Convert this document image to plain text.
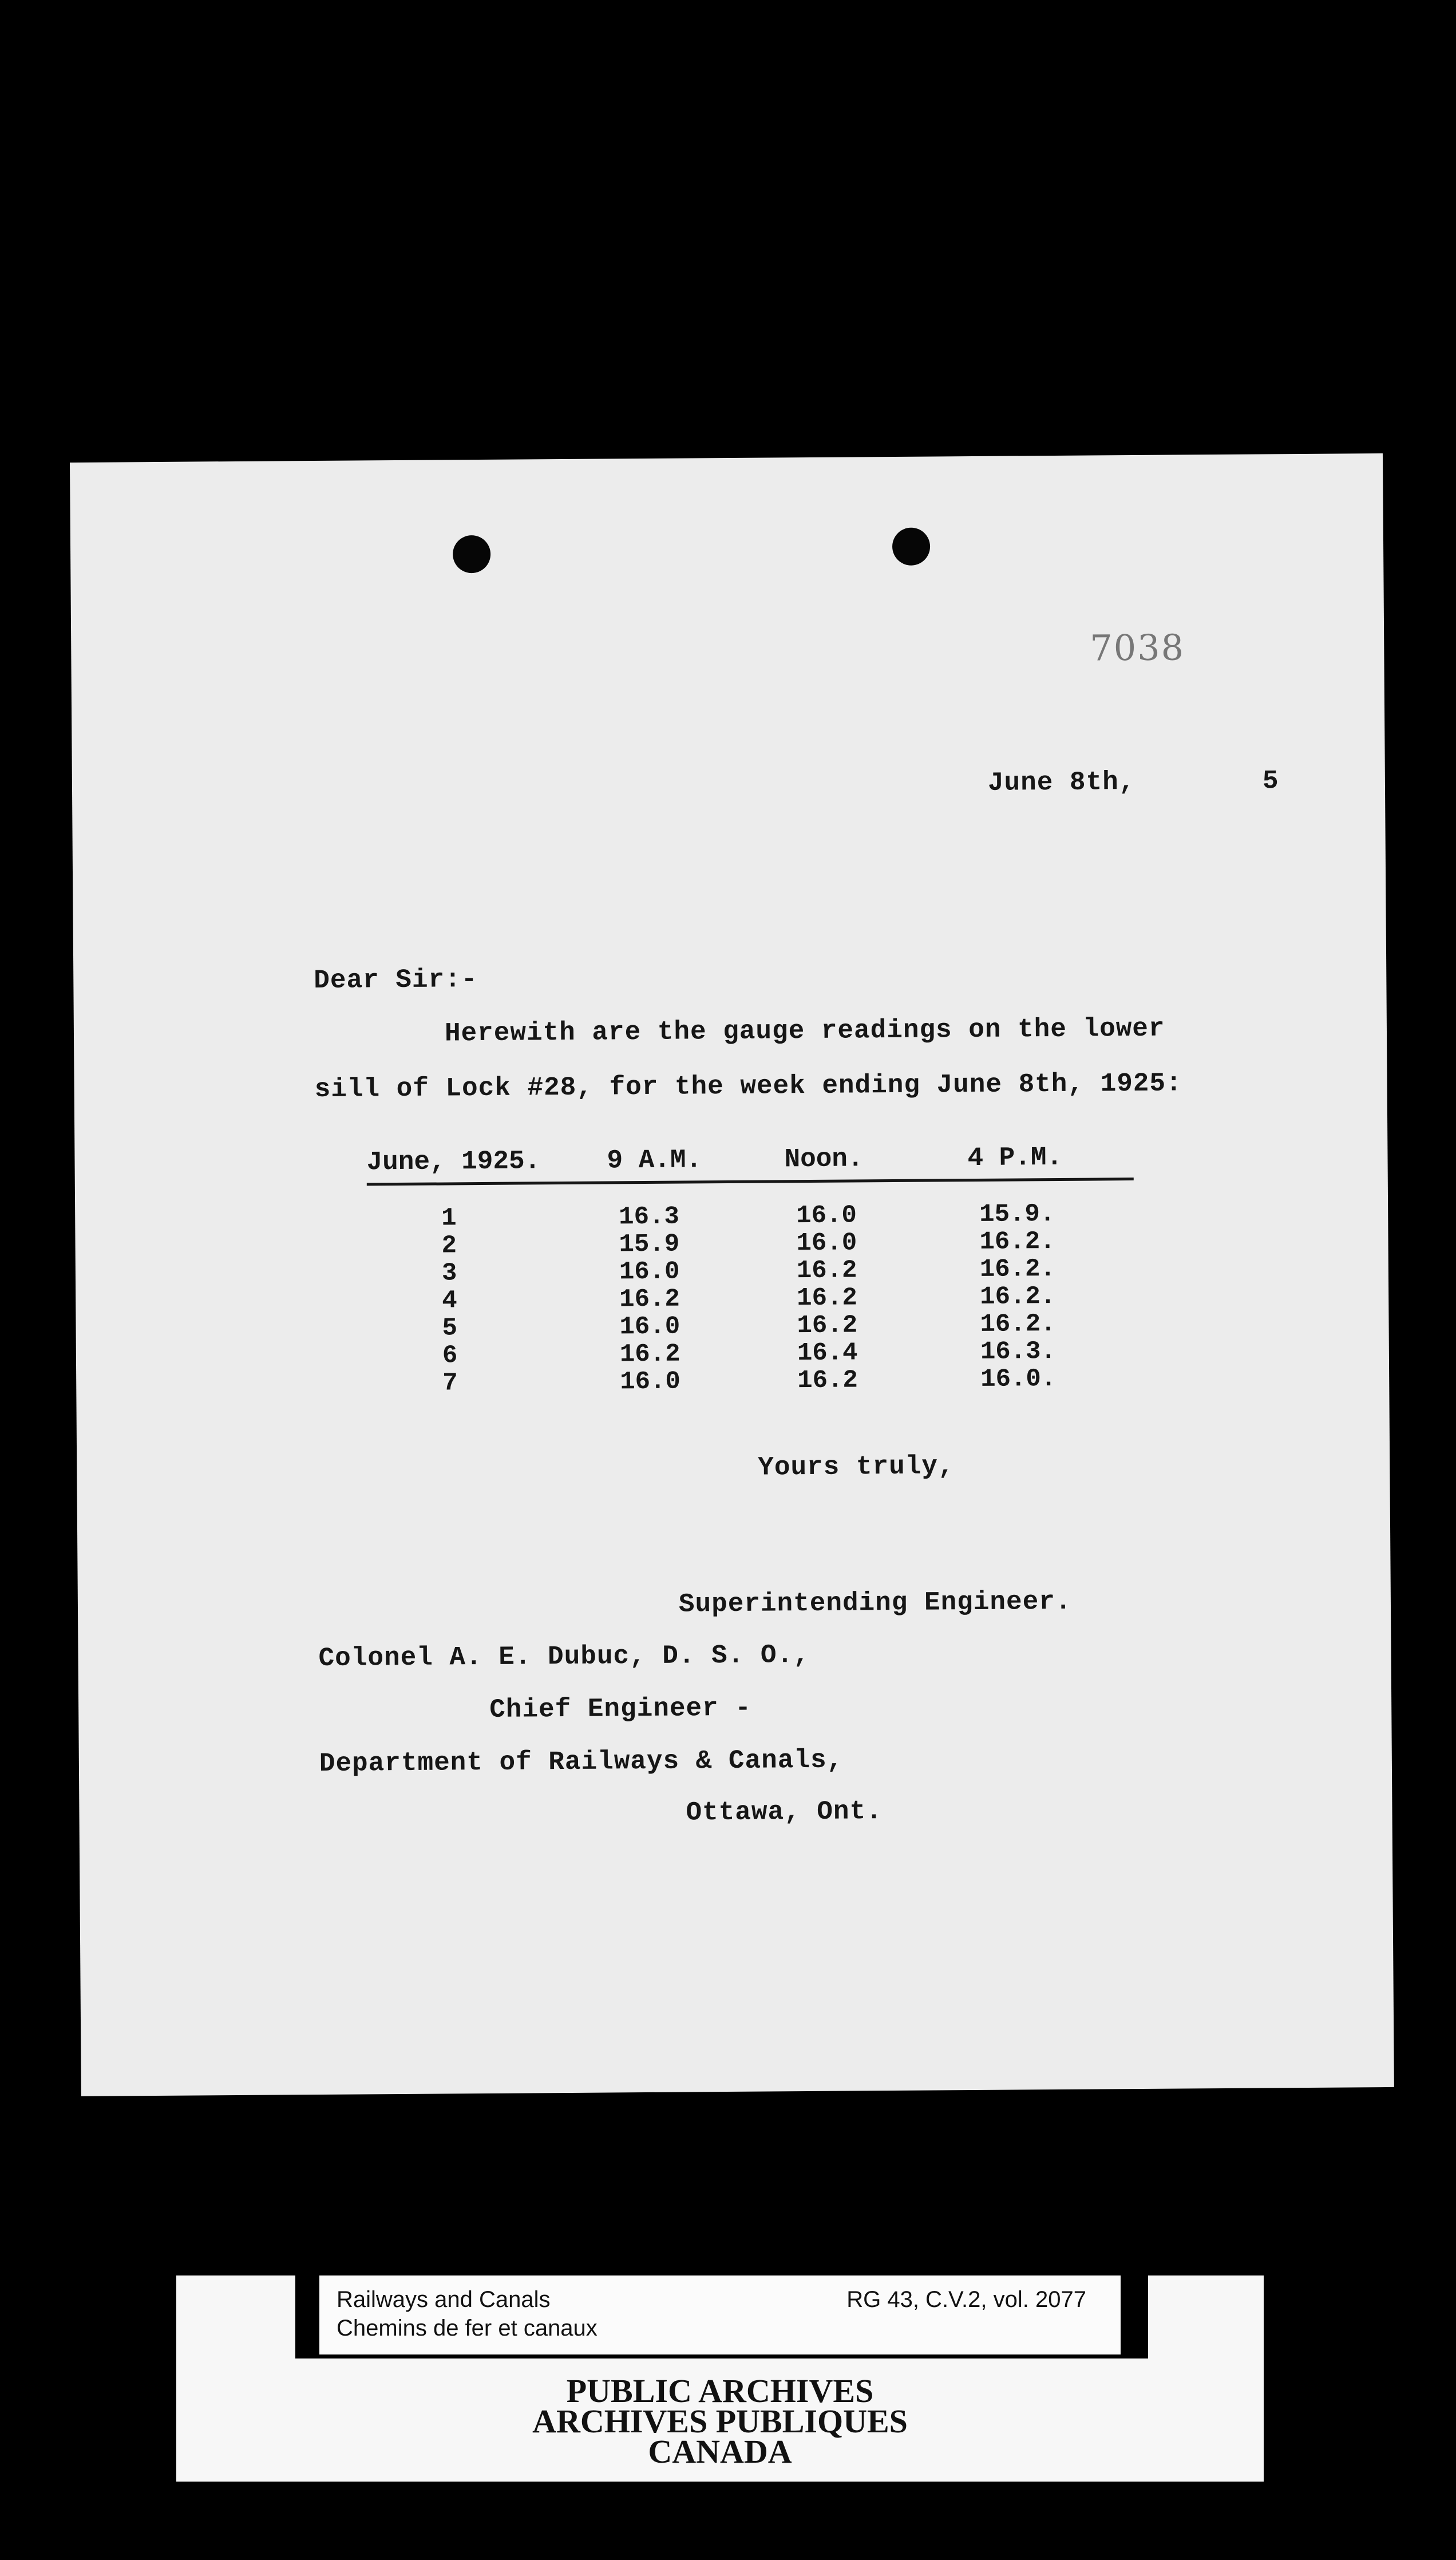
7038
June 8th,	5
Dear Sir:-
Herewith are the gauge readings on the lower
sill of Lock #28, for the week ending June 8th, 1925:
June, 1925.	9 A.M.	Noon.	4 P.M.
1	16.3	16.0	15.9.
2	15.9	16.0	16.2.
3	16.0	16.2	16.2.
4	16.2	16.2	16.2.
5	16.0	16.2	16.2.
6	16.2	16.4	16.3.
7	16.0	16.2	16.0.
Yours truly,
Superintending Engineer.
Colonel A. E. Dubuc, D. S. O.,
Chief Engineer -
Department of Railways & Canals,
Ottawa, Ont.
Railways and Canals
Chemins de fer et canaux
RG 43, C.V.2, vol. 2077
PUBLIC ARCHIVES
ARCHIVES PUBLIQUES
CANADA
